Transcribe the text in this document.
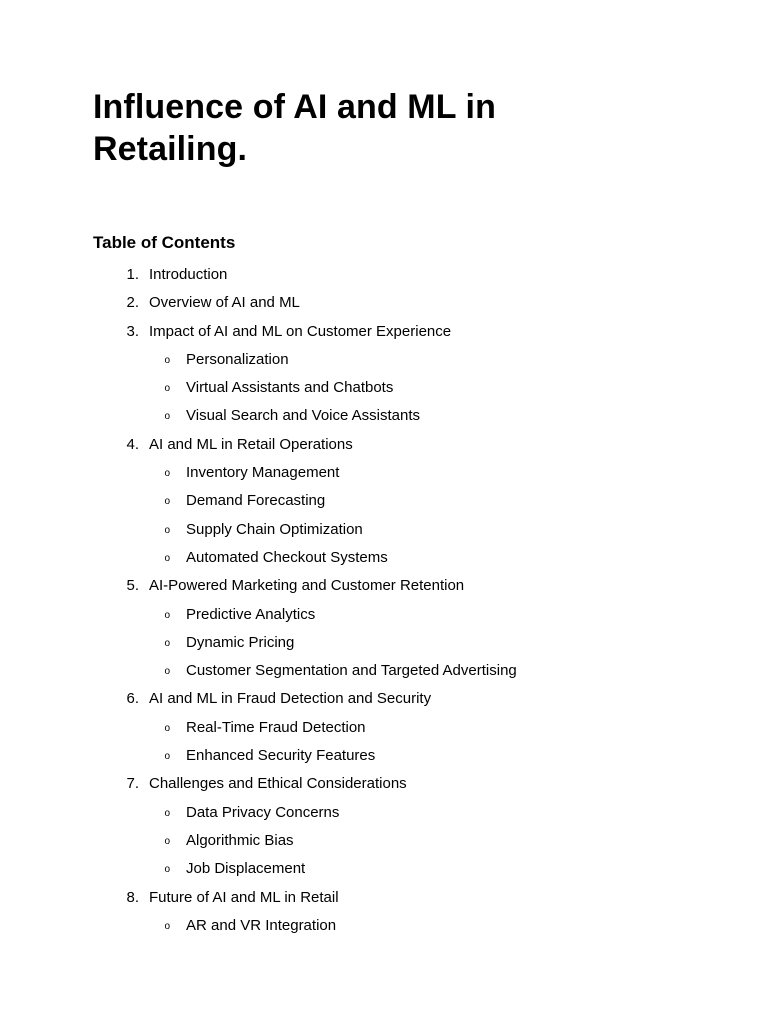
Influence of AI and ML in
Retailing.
Table of Contents
1. Introduction
2. Overview of AI and ML
3. Impact of AI and ML on Customer Experience
o Personalization
o Virtual Assistants and Chatbots
o Visual Search and Voice Assistants
4. AI and ML in Retail Operations
o Inventory Management
o Demand Forecasting
o Supply Chain Optimization
o Automated Checkout Systems
5. AI-Powered Marketing and Customer Retention
o Predictive Analytics
o Dynamic Pricing
o Customer Segmentation and Targeted Advertising
6. AI and ML in Fraud Detection and Security
o Real-Time Fraud Detection
o Enhanced Security Features
7. Challenges and Ethical Considerations
o Data Privacy Concerns
o Algorithmic Bias
o Job Displacement
8. Future of AI and ML in Retail
o AR and VR Integration
